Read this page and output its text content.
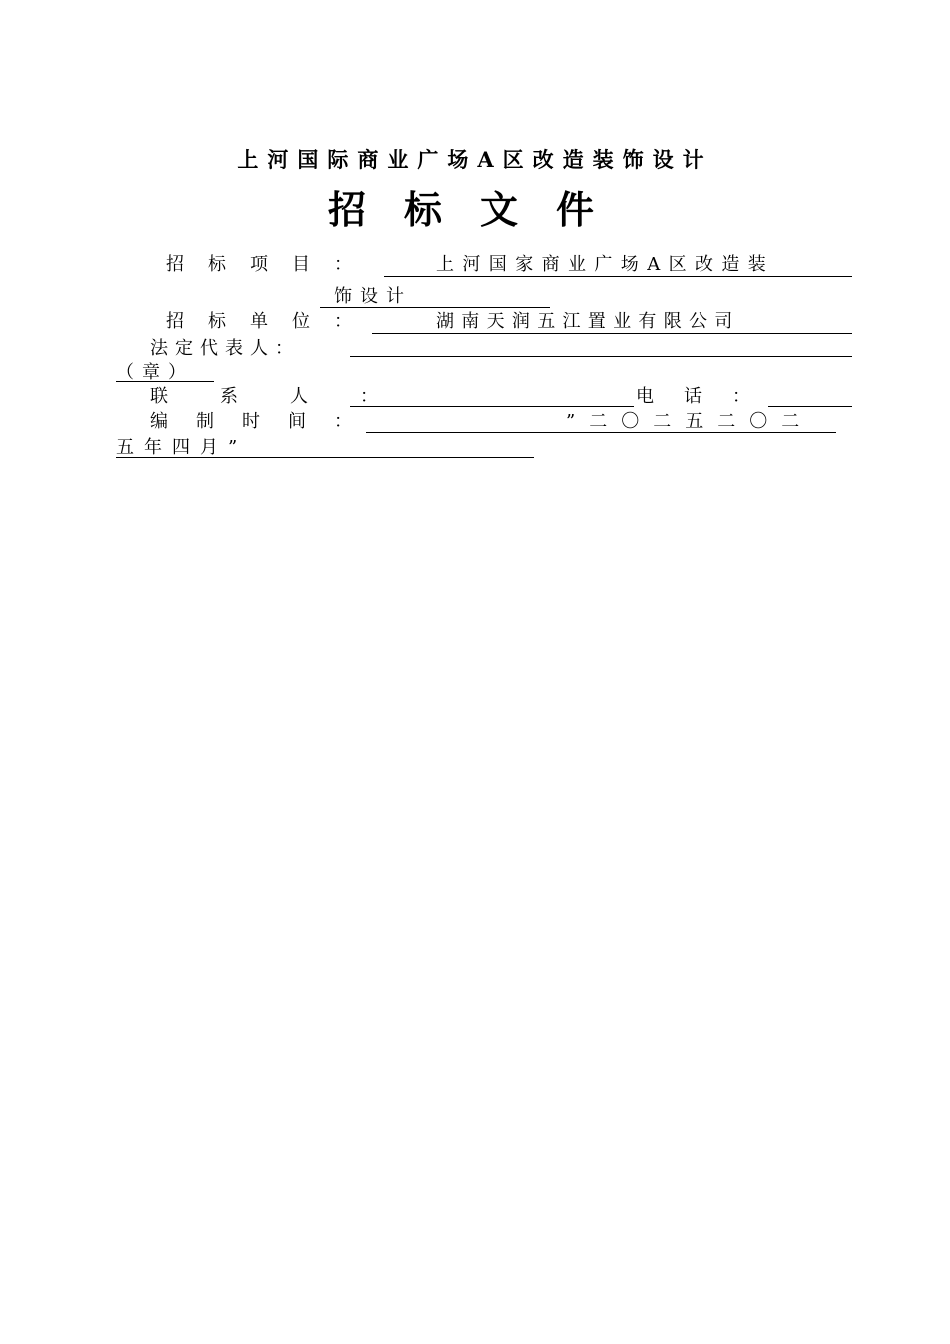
上河国际商业广场A区改造装饰设计
招标文件
招标项目：	上河国家商业广场A区改造装
饰设计
招标单位：	湖南天润五江置业有限公司
法定代表人：
（章）
联系人：	电话：
编制时间：	”二〇二五二〇二
五年四月”
